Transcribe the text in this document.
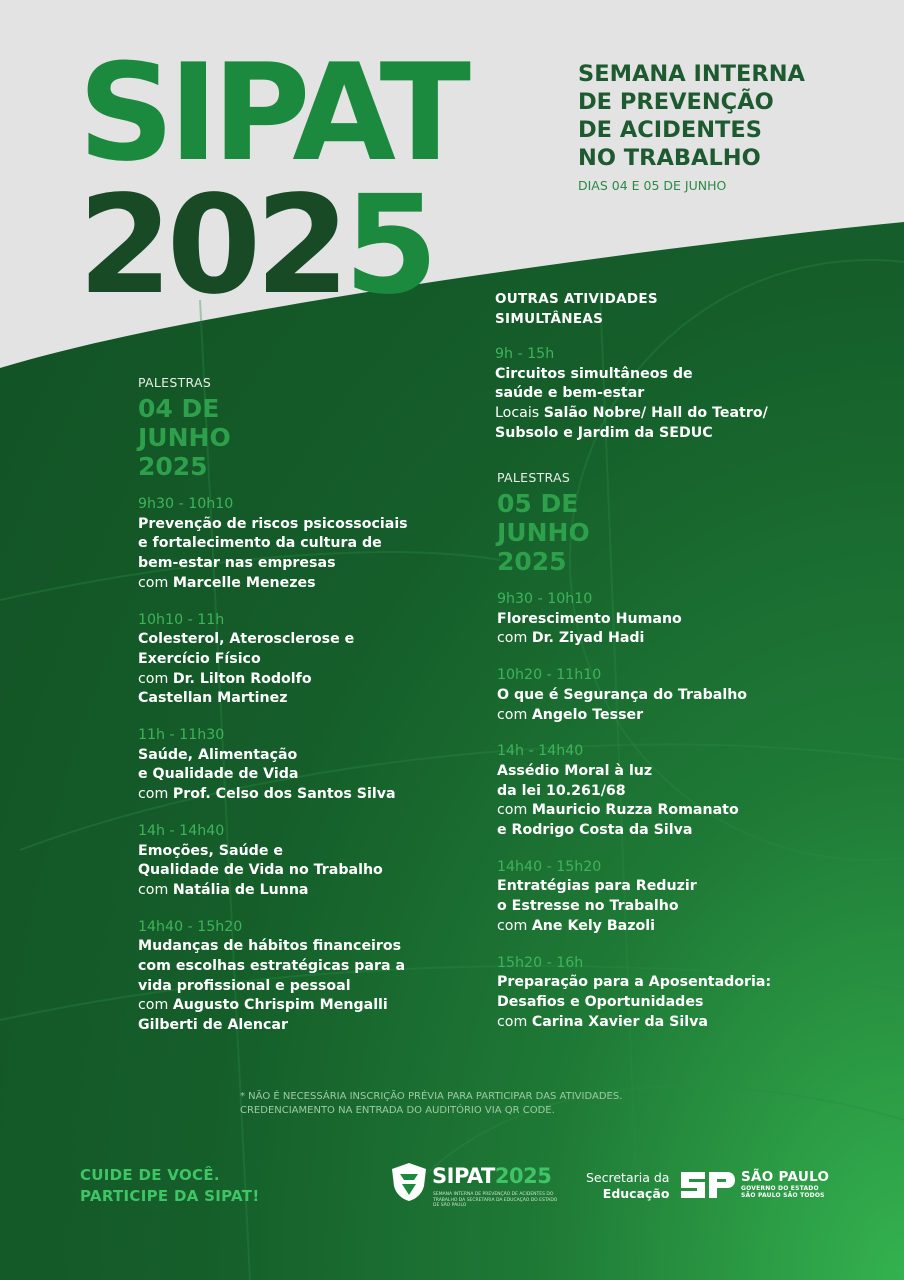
SIPAT
2025
SEMANA INTERNA
DE PREVENÇÃO
DE ACIDENTES
NO TRABALHO
DIAS 04 E 05 DE JUNHO
OUTRAS ATIVIDADES
SIMULTÂNEAS
9h - 15h
Circuitos simultâneos de
saúde e bem-estar
Locais Salão Nobre/ Hall do Teatro/
Subsolo e Jardim da SEDUC
PALESTRAS
04 DE
JUNHO
2025
9h30 - 10h10
Prevenção de riscos psicossociais
e fortalecimento da cultura de
bem-estar nas empresas
com Marcelle Menezes
10h10 - 11h
Colesterol, Aterosclerose e
Exercício Físico
com Dr. Lilton Rodolfo
Castellan Martinez
11h - 11h30
Saúde, Alimentação
e Qualidade de Vida
com Prof. Celso dos Santos Silva
14h - 14h40
Emoções, Saúde e
Qualidade de Vida no Trabalho
com Natália de Lunna
14h40 - 15h20
Mudanças de hábitos financeiros
com escolhas estratégicas para a
vida profissional e pessoal
com Augusto Chrispim Mengalli
Gilberti de Alencar
PALESTRAS
05 DE
JUNHO
2025
9h30 - 10h10
Florescimento Humano
com Dr. Ziyad Hadi
10h20 - 11h10
O que é Segurança do Trabalho
com Angelo Tesser
14h - 14h40
Assédio Moral à luz
da lei 10.261/68
com Mauricio Ruzza Romanato
e Rodrigo Costa da Silva
14h40 - 15h20
Entratégias para Reduzir
o Estresse no Trabalho
com Ane Kely Bazoli
15h20 - 16h
Preparação para a Aposentadoria:
Desafios e Oportunidades
com Carina Xavier da Silva
* NÃO É NECESSÁRIA INSCRIÇÃO PRÉVIA PARA PARTICIPAR DAS ATIVIDADES.
CREDENCIAMENTO NA ENTRADA DO AUDITÓRIO VIA QR CODE.
CUIDE DE VOCÊ.
PARTICIPE DA SIPAT!
SIPAT2025
SEMANA INTERNA DE PREVENÇÃO DE ACIDENTES DO TRABALHO DA SECRETARIA DA EDUCAÇÃO DO ESTADO DE SÃO PAULO
Secretaria da
Educação
SÃO PAULO
GOVERNO DO ESTADO
SÃO PAULO SÃO TODOS
